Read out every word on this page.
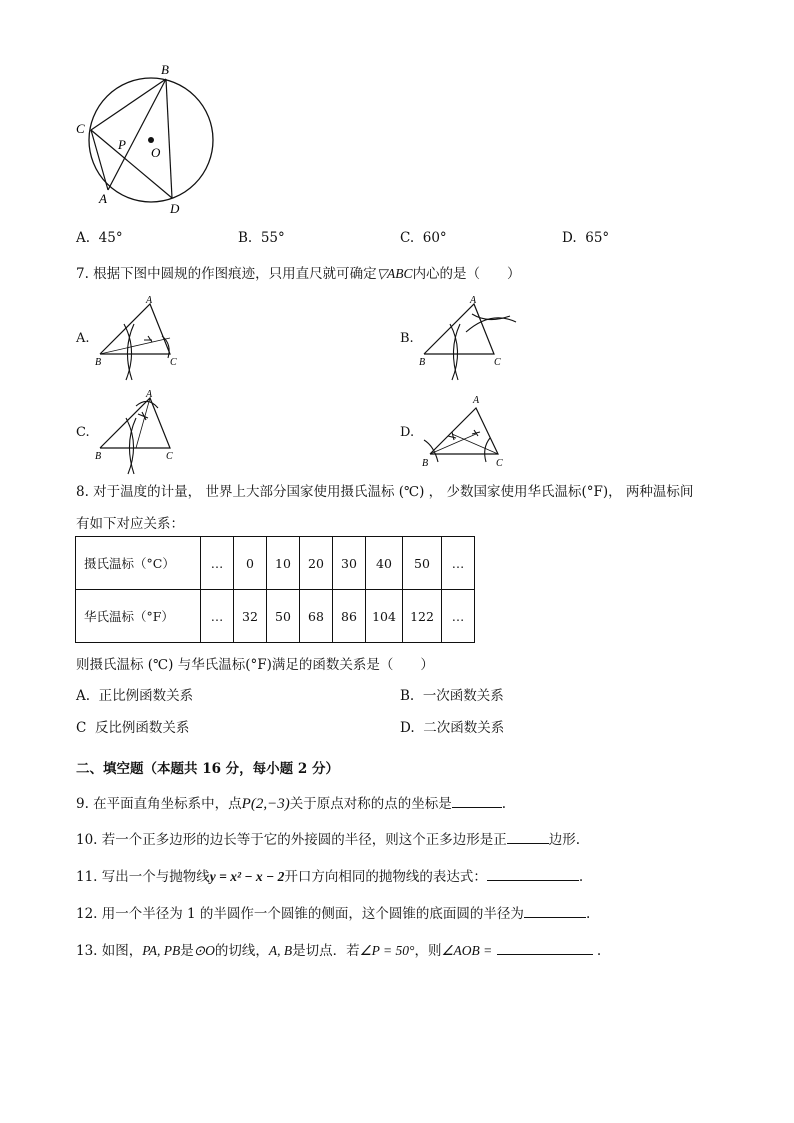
B
C
P
O
A
D
A. 45°	B. 55°	C. 60°	D. 65°
7. 根据下图中圆规的作图痕迹，只用直尺就可确定▽ABC内心的是（　　）
A.
A
B	C
B.
A
B	C
C.
A
B	C
D.
A
B	C
8. 对于温度的计量， 世界上大部分国家使用摄氏温标 (℃) ， 少数国家使用华氏温标(°F)， 两种温标间
有如下对应关系：
摄氏温标（°C）	…	0	10	20	30	40	50	…
华氏温标（°F）	…	32	50	68	86	104	122	…
则摄氏温标 (℃) 与华氏温标(°F)满足的函数关系是（　　）
A. 正比例函数关系	B. 一次函数关系
C 反比例函数关系	D. 二次函数关系
二、填空题（本题共 16 分，每小题 2 分）
9. 在平面直角坐标系中，点P(2,−3)关于原点对称的点的坐标是	.
10. 若一个正多边形的边长等于它的外接圆的半径，则这个正多边形是正	边形.
11. 写出一个与抛物线y = x² − x − 2开口方向相同的抛物线的表达式：	.
12. 用一个半径为 1 的半圆作一个圆锥的侧面，这个圆锥的底面圆的半径为	.
13. 如图，PA, PB是⊙O的切线，A, B是切点．若∠P = 50°，则∠AOB =	.
